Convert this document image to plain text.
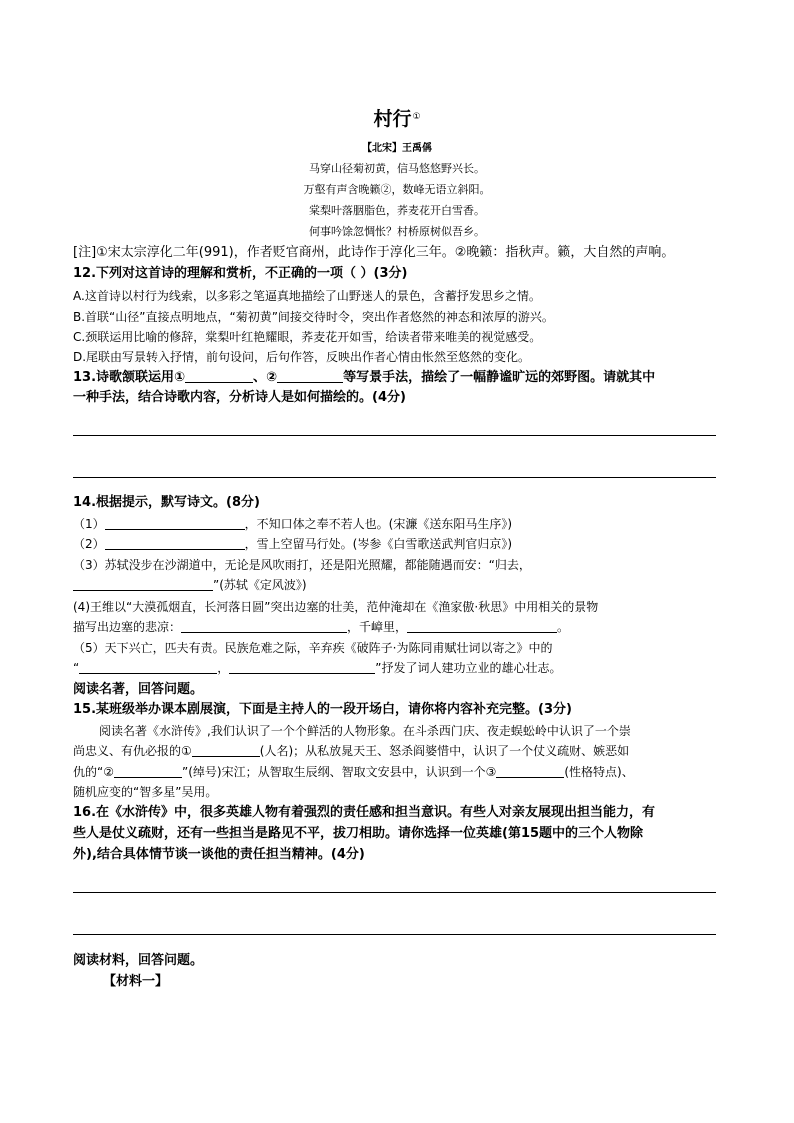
村行①
【北宋】王禹偁
马穿山径菊初黄，信马悠悠野兴长。
万壑有声含晚籁②，数峰无语立斜阳。
棠梨叶落胭脂色，荞麦花开白雪香。
何事吟馀忽惆怅？村桥原树似吾乡。
[注]①宋太宗淳化二年(991)，作者贬官商州，此诗作于淳化三年。②晚籁：指秋声。籁，大自然的声响。
12.下列对这首诗的理解和赏析，不正确的一项（ ）(3分)
A.这首诗以村行为线索，以多彩之笔逼真地描绘了山野迷人的景色，含蓄抒发思乡之情。
B.首联“山径”直接点明地点，“菊初黄”间接交待时令，突出作者悠然的神态和浓厚的游兴。
C.颈联运用比喻的修辞，棠梨叶红艳耀眼，荞麦花开如雪，给读者带来唯美的视觉感受。
D.尾联由写景转入抒情，前句设问，后句作答，反映出作者心情由怅然至悠然的变化。
13.诗歌颔联运用①	、②	等写景手法，描绘了一幅静谧旷远的郊野图。请就其中
一种手法，结合诗歌内容，分析诗人是如何描绘的。(4分)
14.根据提示，默写诗文。(8分)
（1）	，不知口体之奉不若人也。(宋濂《送东阳马生序》)
（2）	，雪上空留马行处。(岑参《白雪歌送武判官归京》)
（3）苏轼没步在沙湖道中，无论是风吹雨打，还是阳光照耀，都能随遇而安：“归去，
”(苏轼《定风波》)
(4)王维以“大漠孤烟直，长河落日圆”突出边塞的壮美，范仲淹却在《渔家傲·秋思》中用相关的景物
描写出边塞的悲凉：	，千嶂里，	。
（5）天下兴亡，匹夫有责。民族危难之际，辛弃疾《破阵子·为陈同甫赋壮词以寄之》中的
“	，	”抒发了词人建功立业的雄心壮志。
阅读名著，回答问题。
15.某班级举办课本剧展演，下面是主持人的一段开场白，请你将内容补充完整。(3分)
阅读名著《水浒传》,我们认识了一个个鲜活的人物形象。在斗杀西门庆、夜走蜈蚣岭中认识了一个崇
尚忠义、有仇必报的①	(人名)；从私放晁天王、怒杀阎婆惜中，认识了一个仗义疏财、嫉恶如
仇的“②	”(绰号)宋江；从智取生辰纲、智取文安县中，认识到一个③	(性格特点)、
随机应变的“智多星”吴用。
16.在《水浒传》中，很多英雄人物有着强烈的责任感和担当意识。有些人对亲友展现出担当能力，有
些人是仗义疏财，还有一些担当是路见不平，拔刀相助。请你选择一位英雄(第15题中的三个人物除
外),结合具体情节谈一谈他的责任担当精神。(4分)
阅读材料，回答问题。
【材料一】
